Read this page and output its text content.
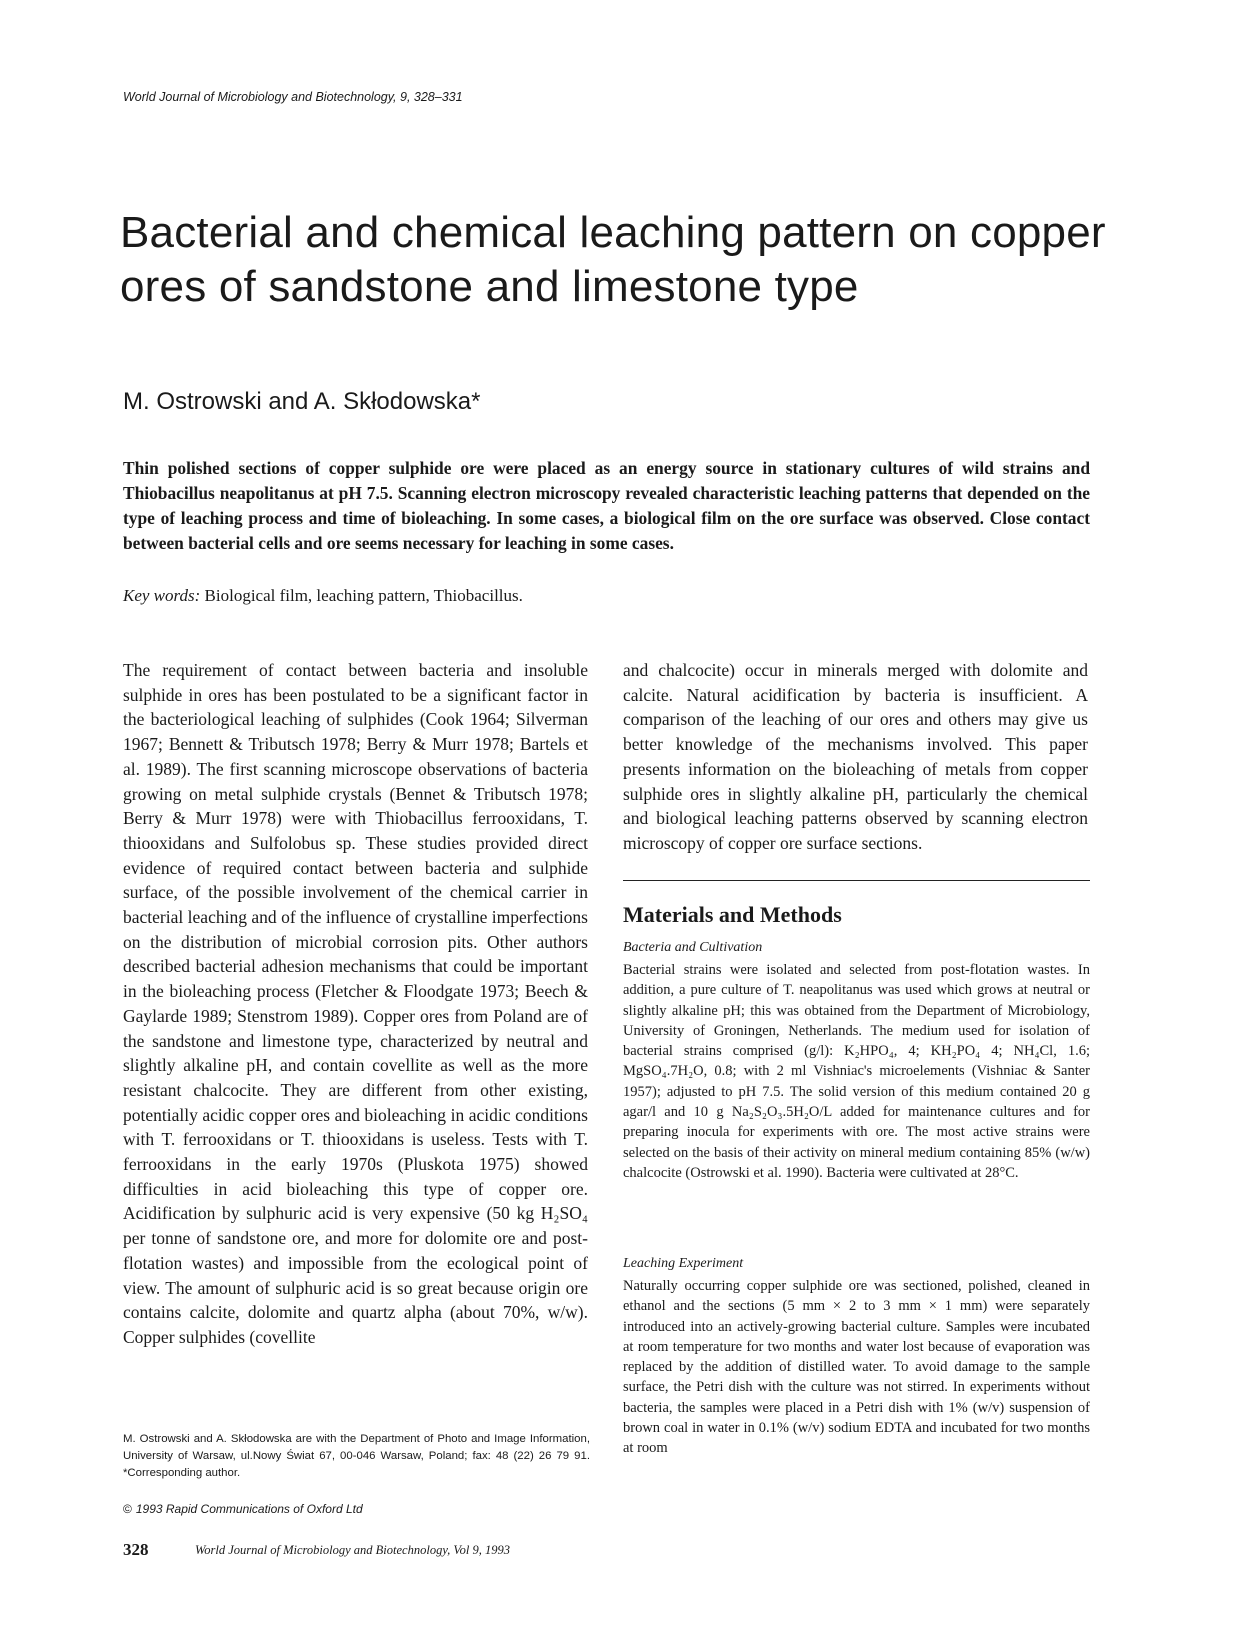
World Journal of Microbiology and Biotechnology, 9, 328–331
Bacterial and chemical leaching pattern on copper ores of sandstone and limestone type
M. Ostrowski and A. Skłodowska*

Thin polished sections of copper sulphide ore were placed as an energy source in stationary cultures of wild strains and Thiobacillus neapolitanus at pH 7.5. Scanning electron microscopy revealed characteristic leaching patterns that depended on the type of leaching process and time of bioleaching. In some cases, a biological film on the ore surface was observed. Close contact between bacterial cells and ore seems necessary for leaching in some cases.

Key words: Biological film, leaching pattern, Thiobacillus.

The requirement of contact between bacteria and insoluble sulphide in ores has been postulated to be a significant factor in the bacteriological leaching of sulphides (Cook 1964; Silverman 1967; Bennett & Tributsch 1978; Berry & Murr 1978; Bartels et al. 1989). The first scanning microscope observations of bacteria growing on metal sulphide crystals (Bennet & Tributsch 1978; Berry & Murr 1978) were with Thiobacillus ferrooxidans, T. thiooxidans and Sulfolobus sp. These studies provided direct evidence of required contact between bacteria and sulphide surface, of the possible involvement of the chemical carrier in bacterial leaching and of the influence of crystalline imperfections on the distribution of microbial corrosion pits. Other authors described bacterial adhesion mechanisms that could be important in the bioleaching process (Fletcher & Floodgate 1973; Beech & Gaylarde 1989; Stenstrom 1989). Copper ores from Poland are of the sandstone and limestone type, characterized by neutral and slightly alkaline pH, and contain covellite as well as the more resistant chalcocite. They are different from other existing, potentially acidic copper ores and bioleaching in acidic conditions with T. ferrooxidans or T. thiooxidans is useless. Tests with T. ferrooxidans in the early 1970s (Pluskota 1975) showed difficulties in acid bioleaching this type of copper ore. Acidification by sulphuric acid is very expensive (50 kg H₂SO₄ per tonne of sandstone ore, and more for dolomite ore and post-flotation wastes) and impossible from the ecological point of view. The amount of sulphuric acid is so great because origin ore contains calcite, dolomite and quartz alpha (about 70%, w/w). Copper sulphides (covellite

and chalcocite) occur in minerals merged with dolomite and calcite. Natural acidification by bacteria is insufficient. A comparison of the leaching of our ores and others may give us better knowledge of the mechanisms involved. This paper presents information on the bioleaching of metals from copper sulphide ores in slightly alkaline pH, particularly the chemical and biological leaching patterns observed by scanning electron microscopy of copper ore surface sections.

Materials and Methods
Bacteria and Cultivation

Bacterial strains were isolated and selected from post-flotation wastes. In addition, a pure culture of T. neapolitanus was used which grows at neutral or slightly alkaline pH; this was obtained from the Department of Microbiology, University of Groningen, Netherlands. The medium used for isolation of bacterial strains comprised (g/l): K₂HPO₄, 4; KH₂PO₄ 4; NH₄Cl, 1.6; MgSO₄.7H₂O, 0.8; with 2 ml Vishniac's microelements (Vishniac & Santer 1957); adjusted to pH 7.5. The solid version of this medium contained 20 g agar/l and 10 g Na₂S₂O₃.5H₂O/L added for maintenance cultures and for preparing inocula for experiments with ore. The most active strains were selected on the basis of their activity on mineral medium containing 85% (w/w) chalcocite (Ostrowski et al. 1990). Bacteria were cultivated at 28°C.

Leaching Experiment

Naturally occurring copper sulphide ore was sectioned, polished, cleaned in ethanol and the sections (5 mm × 2 to 3 mm × 1 mm) were separately introduced into an actively-growing bacterial culture. Samples were incubated at room temperature for two months and water lost because of evaporation was replaced by the addition of distilled water. To avoid damage to the sample surface, the Petri dish with the culture was not stirred. In experiments without bacteria, the samples were placed in a Petri dish with 1% (w/v) suspension of brown coal in water in 0.1% (w/v) sodium EDTA and incubated for two months at room

M. Ostrowski and A. Skłodowska are with the Department of Photo and Image Information, University of Warsaw, ul.Nowy Świat 67, 00-046 Warsaw, Poland; fax: 48 (22) 26 79 91. *Corresponding author.

© 1993 Rapid Communications of Oxford Ltd
328	World Journal of Microbiology and Biotechnology, Vol 9, 1993
